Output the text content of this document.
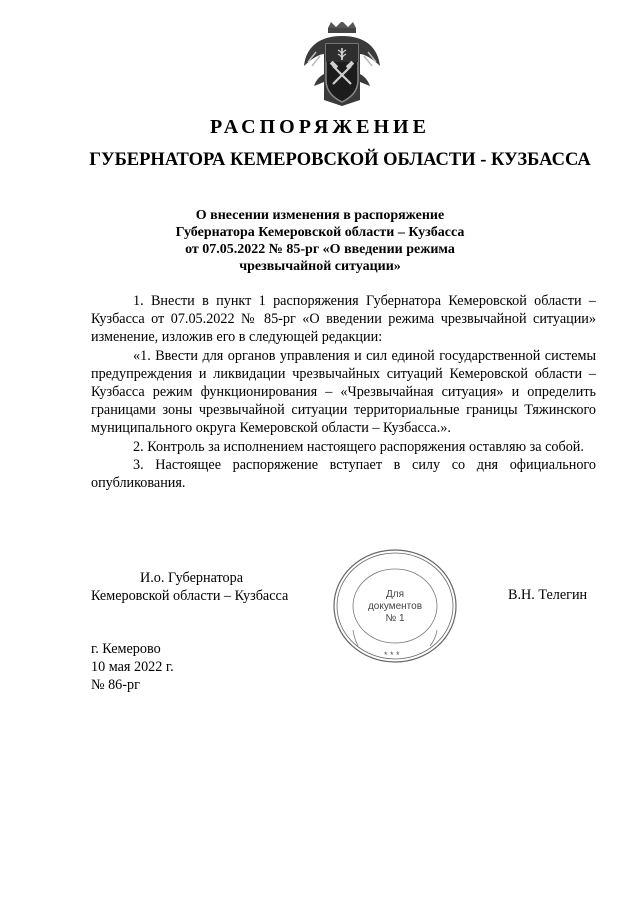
РАСПОРЯЖЕНИЕ
ГУБЕРНАТОРА КЕМЕРОВСКОЙ ОБЛАСТИ - КУЗБАССА
О внесении изменения в распоряжение
Губернатора Кемеровской области – Кузбасса
от 07.05.2022 № 85-рг «О введении режима
чрезвычайной ситуации»

1. Внести в пункт 1 распоряжения Губернатора Кемеровской области – Кузбасса от 07.05.2022 № 85-рг «О введении режима чрезвычайной ситуации» изменение, изложив его в следующей редакции:

«1. Ввести для органов управления и сил единой государственной системы предупреждения и ликвидации чрезвычайных ситуаций Кемеровской области – Кузбасса режим функционирования – «Чрезвычайная ситуация» и определить границами зоны чрезвычайной ситуации территориальные границы Тяжинского муниципального округа Кемеровской области – Кузбасса.».

2. Контроль за исполнением настоящего распоряжения оставляю за собой.

3. Настоящее распоряжение вступает в силу со дня официального опубликования.

И.о. Губернатора
Кемеровской области – Кузбасса	Для
документов
№ 1
* * *
В.Н. Телегин
г. Кемерово
10 мая 2022 г.
№ 86-рг
